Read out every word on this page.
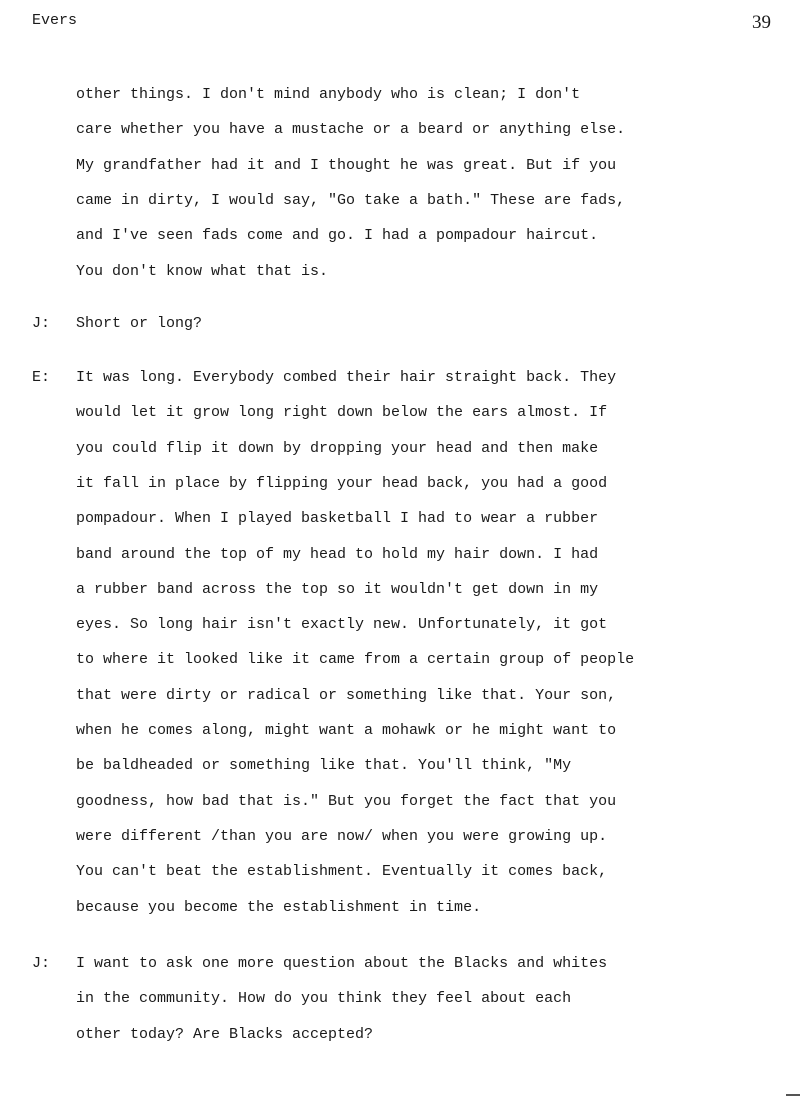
Evers	39
other things. I don't mind anybody who is clean; I don't
care whether you have a mustache or a beard or anything else.
My grandfather had it and I thought he was great. But if you
came in dirty, I would say, "Go take a bath." These are fads,
and I've seen fads come and go. I had a pompadour haircut.
You don't know what that is.
J: Short or long?
E: It was long. Everybody combed their hair straight back. They
would let it grow long right down below the ears almost. If
you could flip it down by dropping your head and then make
it fall in place by flipping your head back, you had a good
pompadour. When I played basketball I had to wear a rubber
band around the top of my head to hold my hair down. I had
a rubber band across the top so it wouldn't get down in my
eyes. So long hair isn't exactly new. Unfortunately, it got
to where it looked like it came from a certain group of people
that were dirty or radical or something like that. Your son,
when he comes along, might want a mohawk or he might want to
be baldheaded or something like that. You'll think, "My
goodness, how bad that is." But you forget the fact that you
were different /than you are now/ when you were growing up.
You can't beat the establishment. Eventually it comes back,
because you become the establishment in time.
J: I want to ask one more question about the Blacks and whites
in the community. How do you think they feel about each
other today? Are Blacks accepted?
